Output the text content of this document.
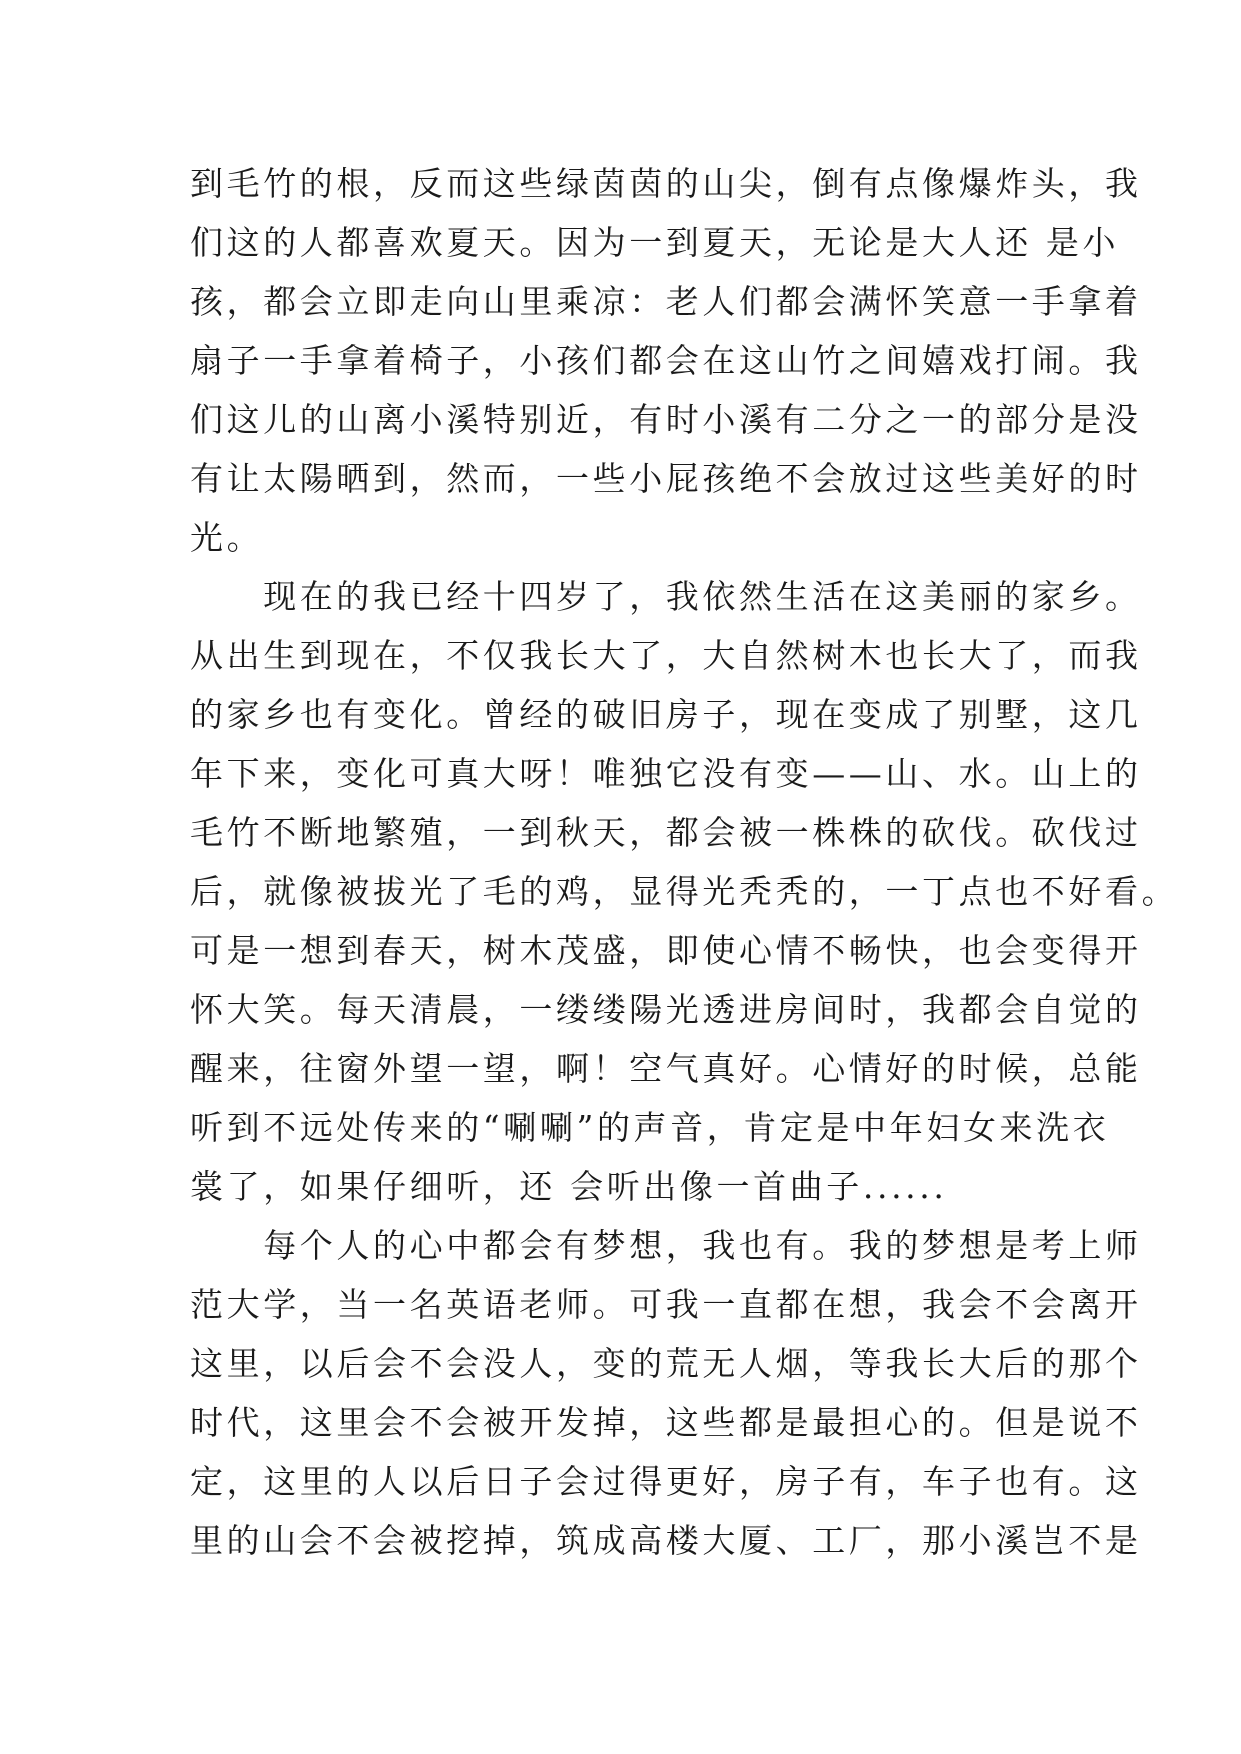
到毛竹的根，反而这些绿茵茵的山尖，倒有点像爆炸头，我
们这的人都喜欢夏天。因为一到夏天，无论是大人还 是小
孩，都会立即走向山里乘凉：老人们都会满怀笑意一手拿着
扇子一手拿着椅子，小孩们都会在这山竹之间嬉戏打闹。我
们这儿的山离小溪特别近，有时小溪有二分之一的部分是没
有让太陽晒到，然而，一些小屁孩绝不会放过这些美好的时
光。
　　现在的我已经十四岁了，我依然生活在这美丽的家乡。
从出生到现在，不仅我长大了，大自然树木也长大了，而我
的家乡也有变化。曾经的破旧房子，现在变成了别墅，这几
年下来，变化可真大呀！唯独它没有变——山、水。山上的
毛竹不断地繁殖，一到秋天，都会被一株株的砍伐。砍伐过
后，就像被拔光了毛的鸡，显得光秃秃的，一丁点也不好看。
可是一想到春天，树木茂盛，即使心情不畅快，也会变得开
怀大笑。每天清晨，一缕缕陽光透进房间时，我都会自觉的
醒来，往窗外望一望，啊！空气真好。心情好的时候，总能
听到不远处传来的“唰唰”的声音，肯定是中年妇女来洗衣
裳了，如果仔细听，还 会听出像一首曲子......
　　每个人的心中都会有梦想，我也有。我的梦想是考上师
范大学，当一名英语老师。可我一直都在想，我会不会离开
这里，以后会不会没人，变的荒无人烟，等我长大后的那个
时代，这里会不会被开发掉，这些都是最担心的。但是说不
定，这里的人以后日子会过得更好，房子有，车子也有。这
里的山会不会被挖掉，筑成高楼大厦、工厂，那小溪岂不是
